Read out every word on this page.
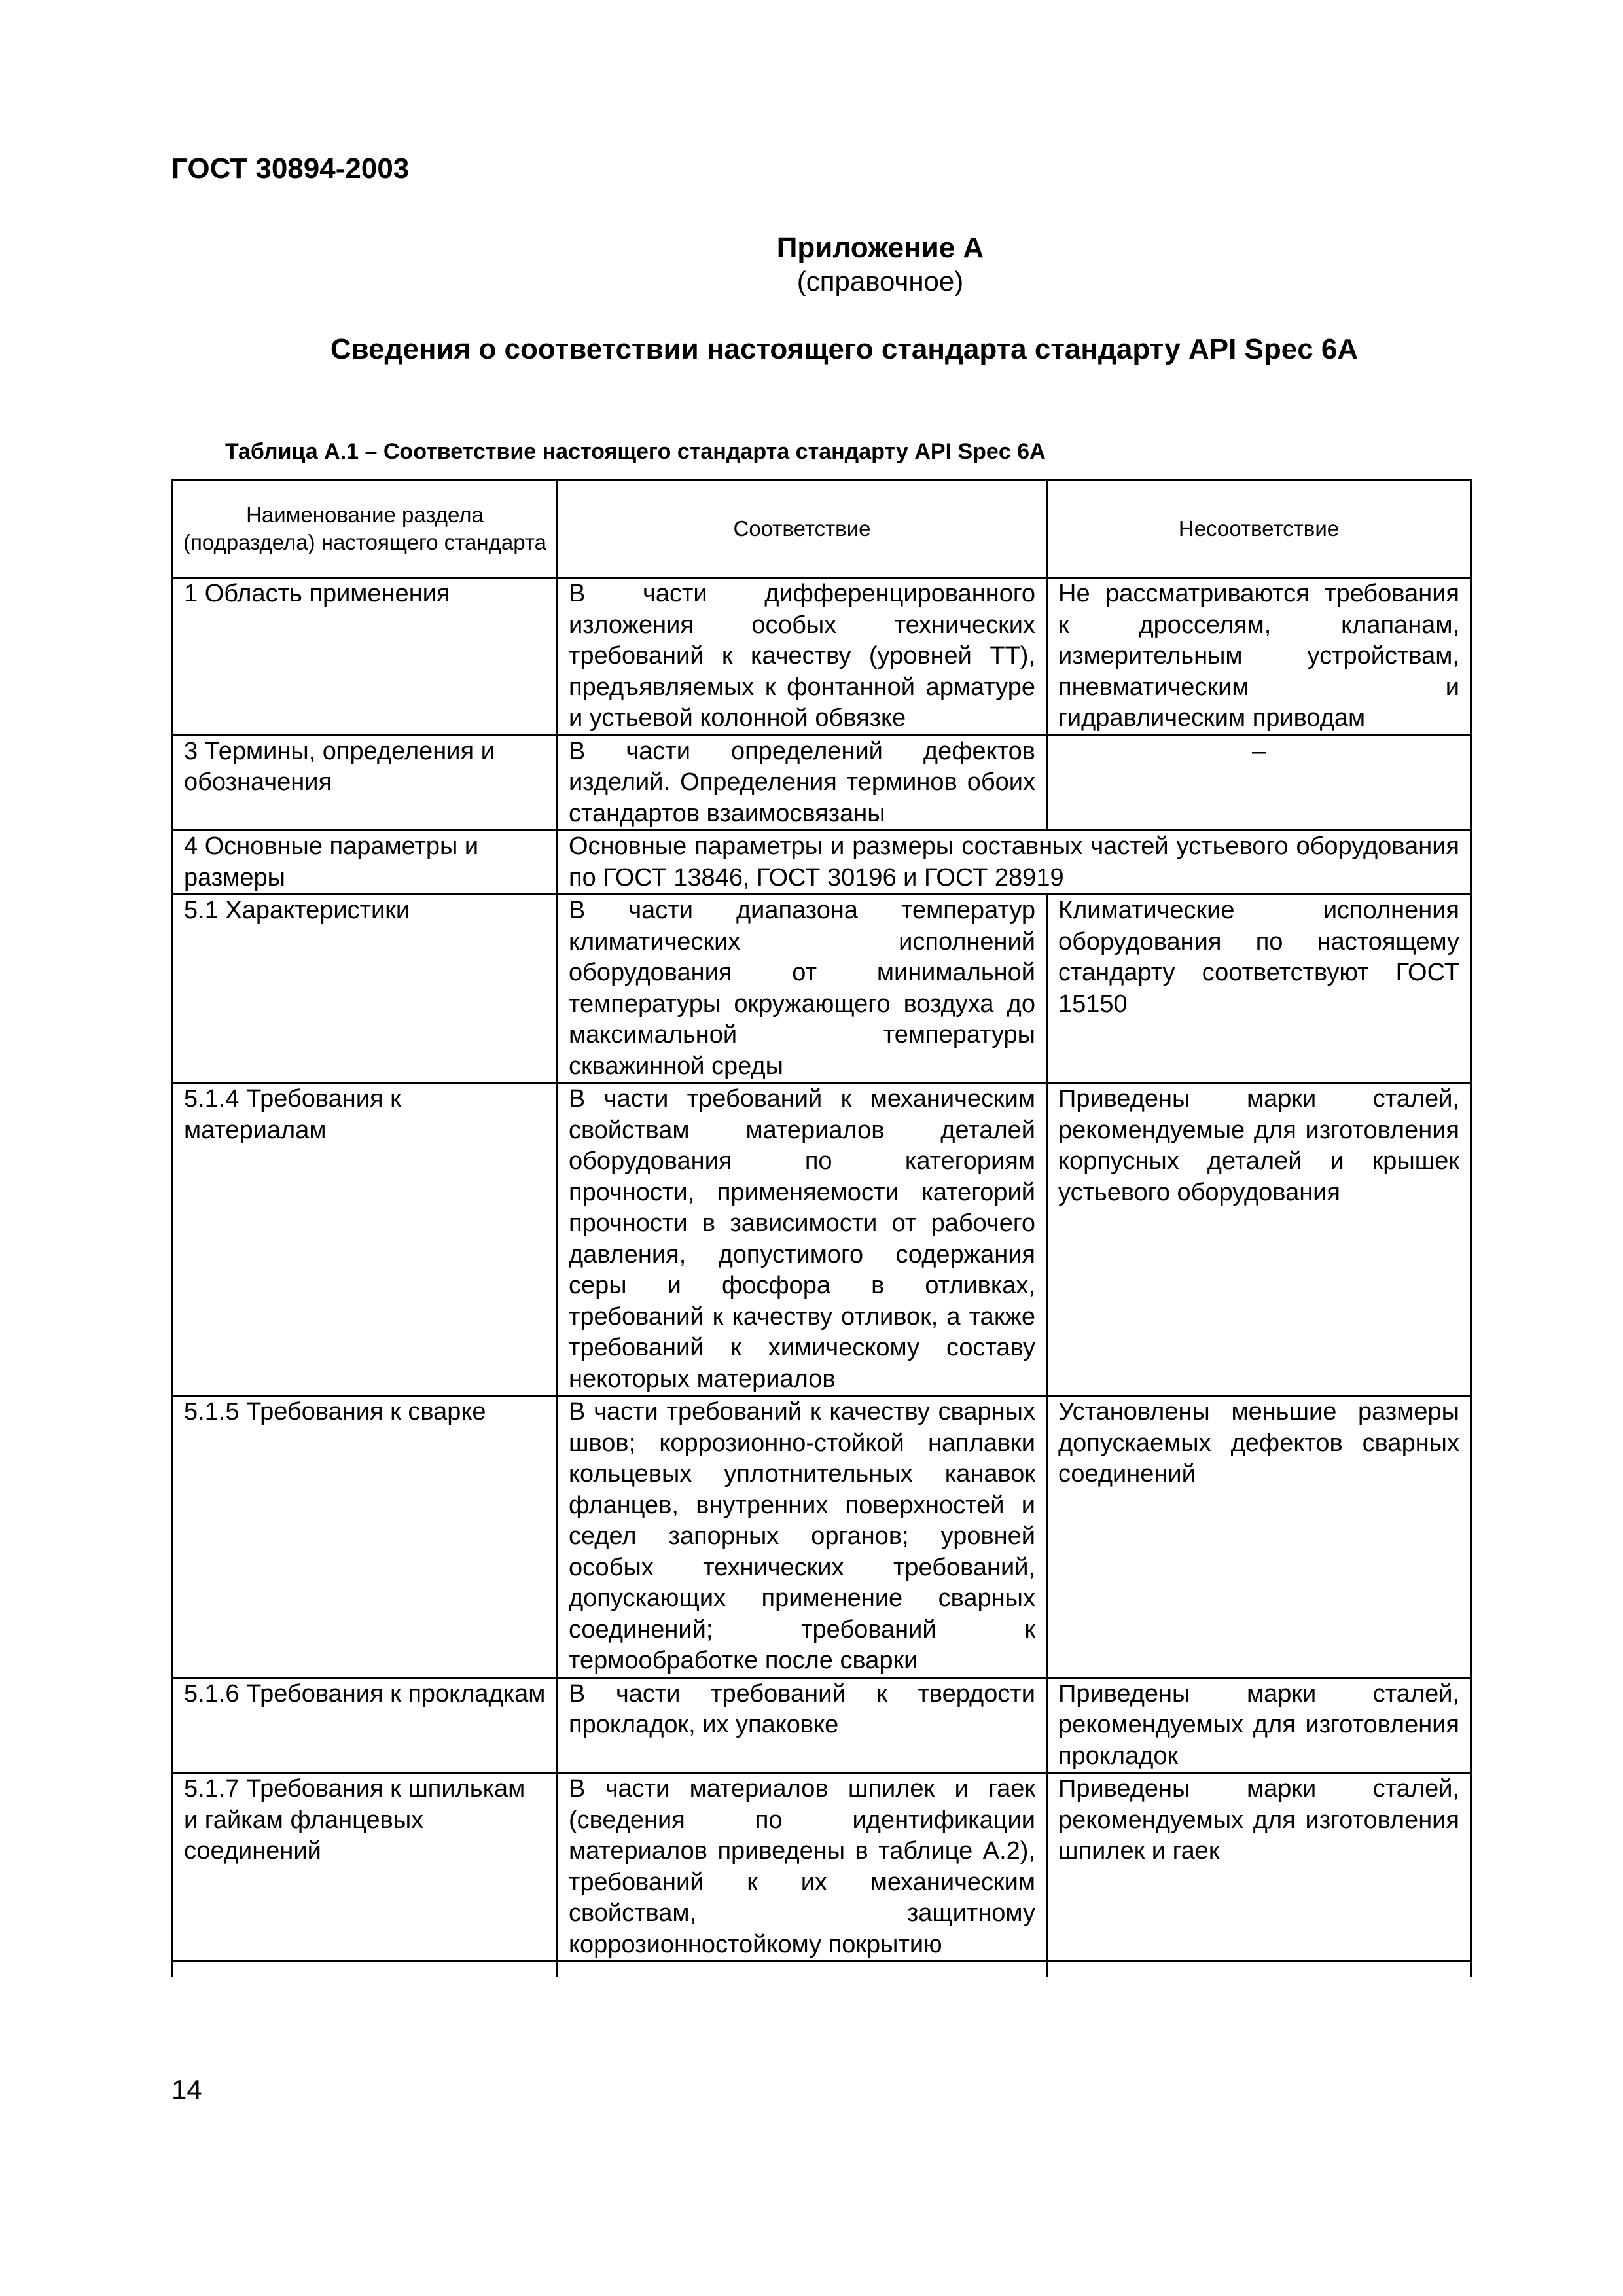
ГОСТ 30894-2003
Приложение А
(справочное)
Сведения о соответствии настоящего стандарта стандарту API Spec 6A
Таблица А.1 – Соответствие настоящего стандарта стандарту API Spec 6A
Наименование раздела (подраздела) настоящего стандарта	Соответствие	Несоответствие
1 Область применения	В части дифференцированного изложения особых технических требований к качеству (уровней ТТ), предъявляемых к фонтанной арматуре и устьевой колонной обвязке	Не рассматриваются требования к дросселям, клапанам, измерительным устройствам, пневматическим и гидравлическим приводам
3 Термины, определения и обозначения	В части определений дефектов изделий. Определения терминов обоих стандартов взаимосвязаны	–
4 Основные параметры и размеры	Основные параметры и размеры составных частей устьевого оборудования по ГОСТ 13846, ГОСТ 30196 и ГОСТ 28919	
5.1 Характеристики	В части диапазона температур климатических исполнений оборудования от минимальной температуры окружающего воздуха до максимальной температуры скважинной среды	Климатические исполнения оборудования по настоящему стандарту соответствуют ГОСТ 15150
5.1.4 Требования к материалам	В части требований к механическим свойствам материалов деталей оборудования по категориям прочности, применяемости категорий прочности в зависимости от рабочего давления, допустимого содержания серы и фосфора в отливках, требований к качеству отливок, а также требований к химическому составу некоторых материалов	Приведены марки сталей, рекомендуемые для изготовления корпусных деталей и крышек устьевого оборудования
5.1.5 Требования к сварке	В части требований к качеству сварных швов; коррозионно-стойкой наплавки кольцевых уплотнительных канавок фланцев, внутренних поверхностей и седел запорных органов; уровней особых технических требований, допускающих применение сварных соединений; требований к термообработке после сварки	Установлены меньшие размеры допускаемых дефектов сварных соединений
5.1.6 Требования к прокладкам	В части требований к твердости прокладок, их упаковке	Приведены марки сталей, рекомендуемых для изготовления прокладок
5.1.7 Требования к шпилькам и гайкам фланцевых соединений	В части материалов шпилек и гаек (сведения по идентификации материалов приведены в таблице А.2), требований к их механическим свойствам, защитному коррозионностойкому покрытию	Приведены марки сталей, рекомендуемых для изготовления шпилек и гаек

14
